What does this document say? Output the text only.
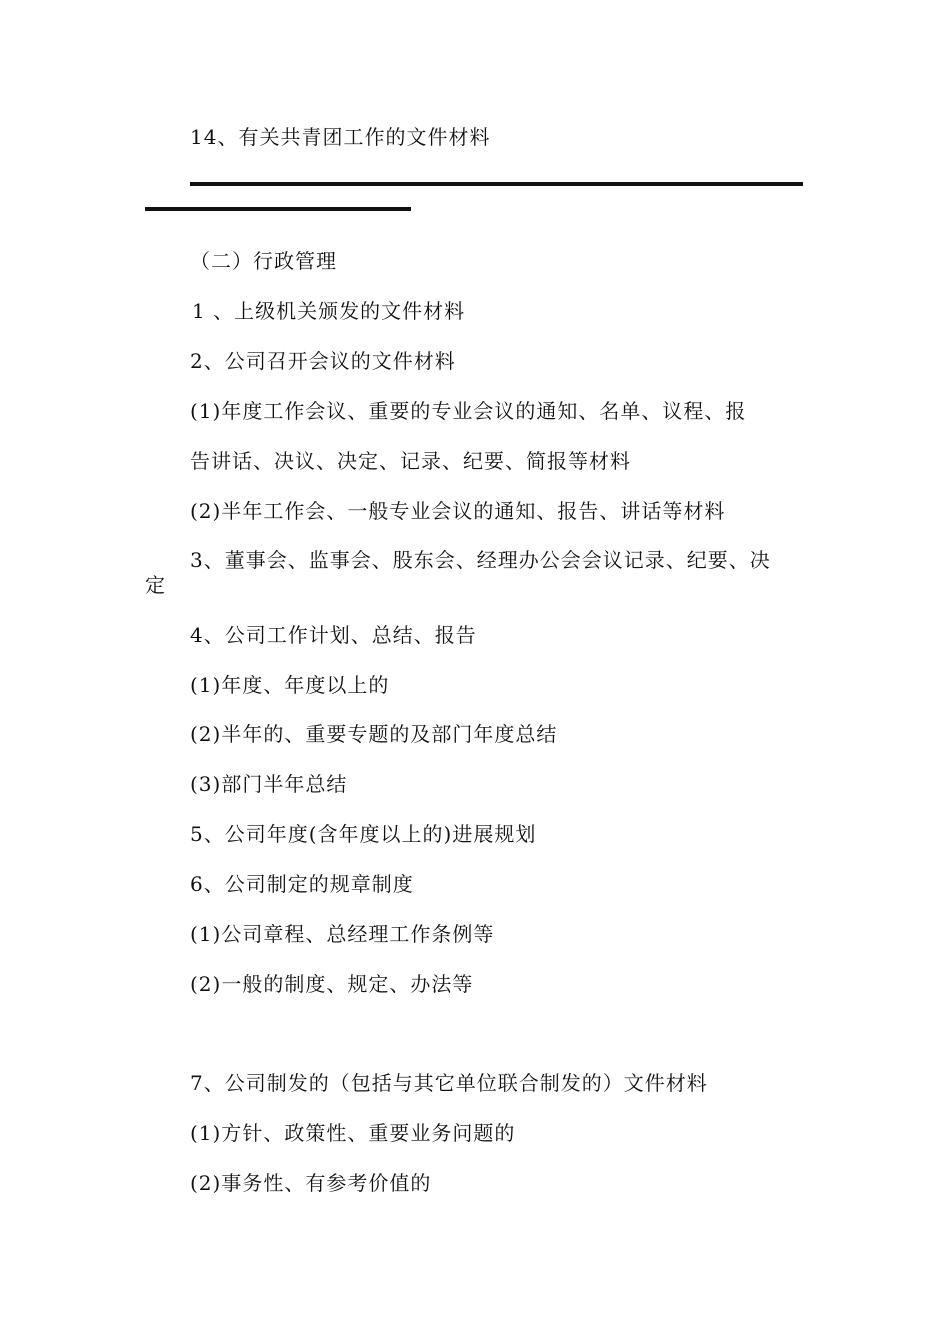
14、有关共青团工作的文件材料
（二）行政管理
1 、上级机关颁发的文件材料
2、公司召开会议的文件材料
(1)年度工作会议、重要的专业会议的通知、名单、议程、报
告讲话、决议、决定、记录、纪要、简报等材料
(2)半年工作会、一般专业会议的通知、报告、讲话等材料
3、董事会、监事会、股东会、经理办公会会议记录、纪要、决
定
4、公司工作计划、总结、报告
(1)年度、年度以上的
(2)半年的、重要专题的及部门年度总结
(3)部门半年总结
5、公司年度(含年度以上的)进展规划
6、公司制定的规章制度
(1)公司章程、总经理工作条例等
(2)一般的制度、规定、办法等
7、公司制发的（包括与其它单位联合制发的）文件材料
(1)方针、政策性、重要业务问题的
(2)事务性、有参考价值的
